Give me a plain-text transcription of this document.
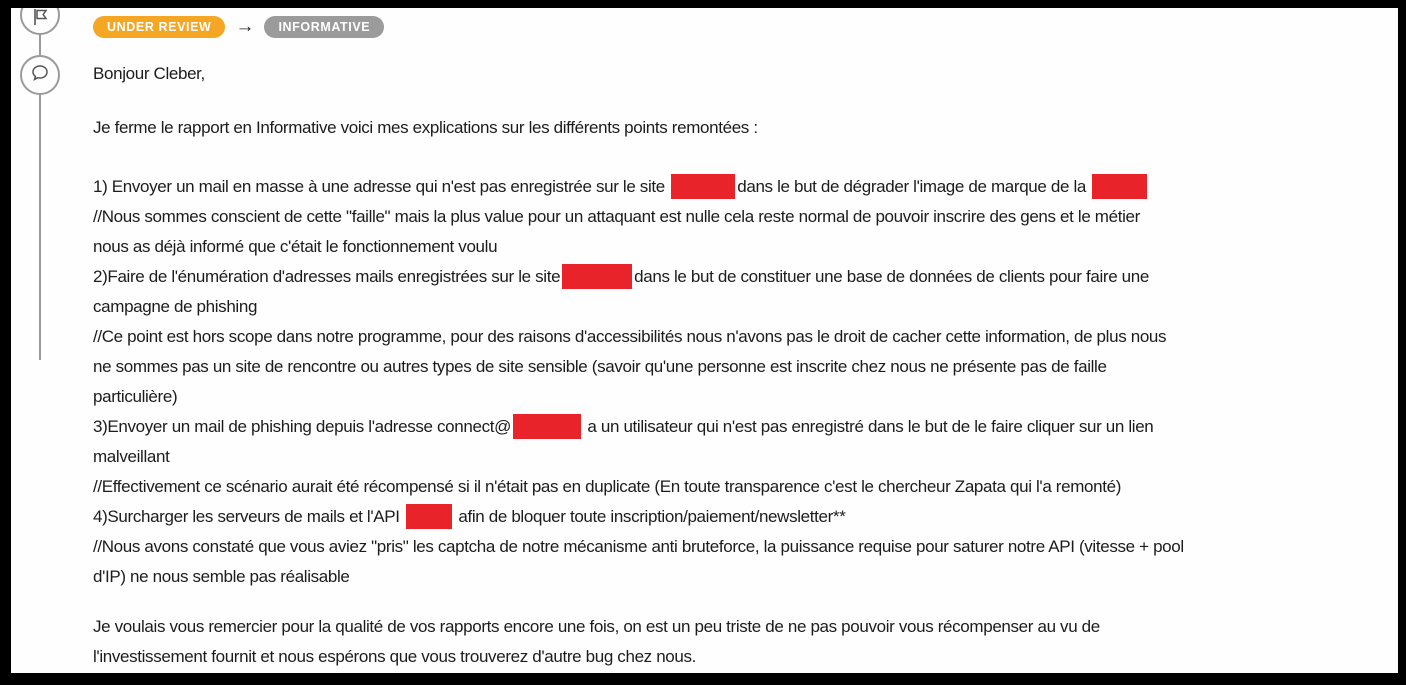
UNDER REVIEW	→	INFORMATIVE
Bonjour Cleber,
Je ferme le rapport en Informative voici mes explications sur les différents points remontées :
1) Envoyer un mail en masse à une adresse qui n'est pas enregistrée sur le site	dans le but de dégrader l'image de marque de la
//Nous sommes conscient de cette "faille" mais la plus value pour un attaquant est nulle cela reste normal de pouvoir inscrire des gens et le métier
nous as déjà informé que c'était le fonctionnement voulu
2)Faire de l'énumération d'adresses mails enregistrées sur le site	dans le but de constituer une base de données de clients pour faire une
campagne de phishing
//Ce point est hors scope dans notre programme, pour des raisons d'accessibilités nous n'avons pas le droit de cacher cette information, de plus nous
ne sommes pas un site de rencontre ou autres types de site sensible (savoir qu'une personne est inscrite chez nous ne présente pas de faille
particulière)
3)Envoyer un mail de phishing depuis l'adresse connect@	a un utilisateur qui n'est pas enregistré dans le but de le faire cliquer sur un lien
malveillant
//Effectivement ce scénario aurait été récompensé si il n'était pas en duplicate (En toute transparence c'est le chercheur Zapata qui l'a remonté)
4)Surcharger les serveurs de mails et l'API	afin de bloquer toute inscription/paiement/newsletter**
//Nous avons constaté que vous aviez "pris" les captcha de notre mécanisme anti bruteforce, la puissance requise pour saturer notre API (vitesse + pool
d'IP) ne nous semble pas réalisable
Je voulais vous remercier pour la qualité de vos rapports encore une fois, on est un peu triste de ne pas pouvoir vous récompenser au vu de
l'investissement fournit et nous espérons que vous trouverez d'autre bug chez nous.
